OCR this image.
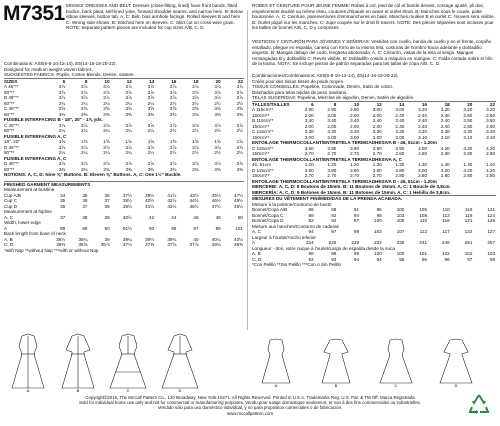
M7351 MISSES' DRESSES AND BELT: Dresses (close-fitting, lined) have front bands, fitted bodice, back pleat, self-lined yoke, forward shoulder seams, and narrow hem. B: Below elbow sleeves, button tab. A, C: Belt, bias armhole facings. Rolled sleeves B and hem C: Wrong side shows. B: Stitched hem on sleeves. C: Skirt cut on cross-wise grain. NOTE: Separate pattern pieces are included for cup sizes A/B, C, D.
ROBES ET CEINTURE POUR JEUNE FEMME: Robes à col, pied de col et bande devant, corsage ajusté, pli dos, empiècement doublé ou même tissu, coutures d'épaule en avant et ourlet étroit. B: Manches sous le coude, patte boutonnée. A, C: Ceinture, parementures d'emmanchures en biais. Manches roulées B et ourlet C: l'envers sera visible. B: Ourlet piqué sur les manches. C: Jupe coupée sur le droit fil travers. NOTE: Des pièces séparées sont incluses pour les tailles de bonnet A/B, C, D y comprises.
VESTIDOS Y CINTURÓN PARA JÓVENES Y SEÑORAS: Vestidos con cuello, banda de cuello y en el frente, corpiño entallado, pliegue en espalda, canesú con forro de la misma tela, costuras de hombro hacia adelante y dobladillo angosto. B: Mangas debajo del codo, lengüeta abotonada. A, C: Cinturón, vistas de la sisa al sesgo. Mangas remangadas B y dobladillo C: Revés visible. B: Dobladillo cosido a máquina en mangas. C: Falda cortada sobre el hilo de la trama. NOTA: Se incluye piezas de patrón separadas para las tallas de copa A/B, C, D.
Combinations: AS5(6-8-10-12-14), E5(14-16-18-20-22).
Designed for medium weight woven fabrics.
SUGGESTED FABRICS: Poplin, Cotton Blends, Denim, Sateen.
SIZES	6	8	10	12	14	16	18	20	22
A 45"**	3⅞	3⅞	3⅞	3⅞	3⅞	3⅞	3⅞	3⅞	3⅞
60"**	3⅞	3⅞	3⅞	3⅞	3⅞	3⅞	3⅞	3⅞	3⅞
B 45"**	3⅞	3⅞	3⅞	3⅞	3⅞	3⅞	3⅞	3⅞	3⅞
60"**	2¼	2¼	2¼	2¼	2¼	2½	2½	2½	2½
C 45"**	3⅝	3⅝	3⅝	3⅝	3⅝	3⅝	3⅝	3⅝	3⅝
60"**	3⅜	3⅜	3⅜	3⅜	3⅜	3⅜	3⅜	3⅜	3⅜
FUSIBLE INTERFACING B - 18", 20" - 1⅝ yds.
C 45"**	3⅞	3⅞	3⅞	3⅞	3⅞	3⅞	3⅞	3⅞	3⅞
60"**	2¼	2¼	2¼	2¼	2¼	2½	2½	2½	2½
FUSIBLE INTERFACING A, C
18", 20"	1⅝	1⅝	1⅝	1⅝	1⅝	1⅝	1⅝	1⅝	1⅝
D 45"**	3⅞	3⅞	3⅞	3⅞	3⅞	3⅞	3⅞	3⅞	3⅞
60"**	2¼	2¼	2¼	2¼	2¼	2½	2½	2½	2½
FUSIBLE INTERFACING A, C
D 45"**	3⅞	3⅞	3⅞	3⅞	3⅞	3⅞	3⅞	3⅞	3⅞
60"**	3⅜	3⅜	3⅜	3⅜	3⅜	3⅜	3⅜	3⅜	3⅜
NOTIONS: A, C, D: Nine ⅝" Buttons. B: Eleven ⅝" Buttons. A, C: One 1½" Buckle.
FINISHED GARMENT MEASUREMENTS
Measurement at bustline
Cup A/B	34	35	36	37½	39½	41½	43½	45½	47½
Cup C	35	36	37	38½	40½	42½	44½	46½	48½
Cup D	36	37	38	39½	41½	43½	45½	47½	49½
Measurement at hipline
A, C	37	38	39	40½	42	44	46	48	50
Width, lower edge
A	88	89	90	91½	93	95	97	99	101
Back length from base of neck
A, B	38½	38¾	39	39¼	39½	39¾	40	40¼	40½
C, D	36⅜	36⅝	36⅞	37⅛	37⅜	37⅝	37⅞	38⅛	38⅜
*with Nap **without Nap ***with or without Nap
Combinaciones/Combinaisons: AS5(6-8-10-12-14), E5(14-16-18-20-22).
Créés pour des tissus tissés de poids moyen.
TISSUS CONSEILLÉS: Popeline, Cotonnade, Denim, Satin de coton.
Diseñados para telas tejidas de peso mediano.
TELAS SUGERIDAS: Popelina, Mezclas de algodón, Denim, Satén de algodón.
TALLES/TAILLES	6	8	10	12	14	16	18	20	22
A 115cm**	2.90	2.90	2.90	3.00	3.00	3.20	3.20	3.20	3.20
150cm**	2.00	2.00	2.00	2.00	2.40	2.40	2.40	2.60	2.60
B 115cm**	3.40	3.40	3.40	3.40	3.40	3.40	3.40	3.50	3.50
150cm**	2.00	2.00	2.00	2.00	2.40	2.40	2.40	2.60	2.60
C 115cm**	3.30	3.30	3.30	3.30	3.30	3.30	3.30	3.30	3.30
150cm**	3.00	3.00	3.00	3.00	3.00	3.10	3.10	3.10	3.10
ENTOILAGE THERMOCOLLANT/ENTRETELA TERMOADHESIVA B - 46, 51cm - 1.20m
C 115cm**	3.90	3.90	3.90	3.90	3.90	4.00	4.20	4.20	4.20
150cm**	2.70	2.70	2.70	2.70	2.80	2.80	2.80	2.80	2.80
ENTOILAGE THERMOCOLLANT/ENTRETELA TERMOADHESIVA A, C
46, 51cm	1.20	1.20	1.20	1.30	1.30	1.30	1.40	1.40	1.40
D 115cm**	3.90	3.90	3.90	3.90	3.90	4.00	4.20	4.20	4.20
150cm**	2.70	2.70	2.70	2.70	2.80	2.80	2.80	2.80	2.80
ENTOILAGE THERMOCOLLANT/ENTRETELA TERMOADHESIVA D - 46, 51cm - 1.20m
MERCERIE: A, C, D: 9 Boutons de 15mm. B: 11 Boutons de 15mm. A, C: 1 Boucle de 3,8cm.
MERCERÍA: A, C, D: 9 Botones de 15mm. B: 11 Botones de 15mm. A, C: 1 Hebilla de 3,8cm.
MESURES DU VÊTEMENT FINI/MEDIDAS DE LA PRENDA ACABADA.
Mesure à la poitrine/Contorno de busto
Bonnet/Copa A/B	86	89	91	95	100	105	110	116	121
Bonnet/Copa C	89	92	94	98	103	108	113	118	124
Bonnet/Copa D	92	94	97	100	105	110	116	121	126
Mesure aux hanches/Contorno de caderas
A, C	94	97	99	103	107	112	117	122	127
Largeur à l'ourlet/Ancho inferior
A	224	226	229	232	236	241	246	251	257
Longueur - dos, votre nuque à l'ourlet/Largo de espalda desde la nuca
A, B	98	98	99	100	100	101	102	102	103
C, D	92	93	94	94	95	96	96	97	98
*Con Pelillo **Sin Pelillo ***Con o Sin Pelillo
A	B	C	D
A	B	C	D
Copyright©2016, The McCall Pattern Co., 120 Broadway, New York 10271. All Rights Reserved. Printed in U.S.A. Trademarks Reg. U.S. Pat. & TM Off. Marca Registrada
Sold for individual home use only and not for commercial or manufacturing purposes. Vendu pour usage domestique seulement, et non à des fins commerciales ou industrielles.
Vendido sólo para uso doméstico individual, y no para propósitos comerciales o de fabricación.
www.mccallpattern.com
